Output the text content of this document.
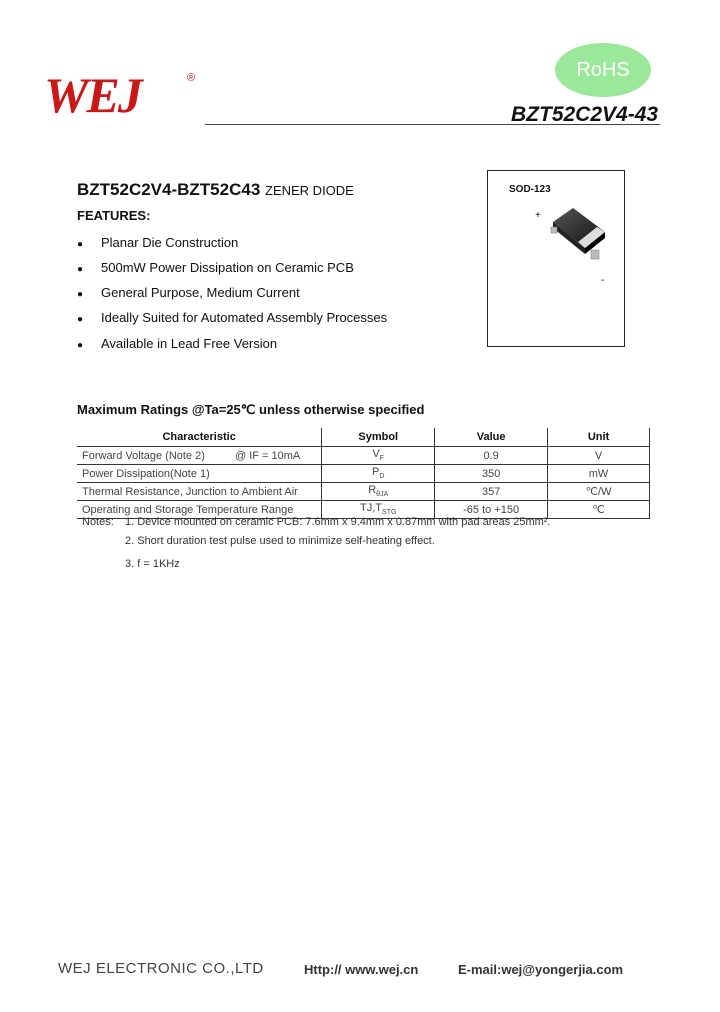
WEJ	®	RoHS
BZT52C2V4-43
BZT52C2V4-BZT52C43 ZENER DIODE
FEATURES:
● Planar Die Construction
● 500mW Power Dissipation on Ceramic PCB
● General Purpose, Medium Current
● Ideally Suited for Automated Assembly Processes
● Available in Lead Free Version
SOD-123
+
-
Maximum Ratings @Ta=25℃ unless otherwise specified
Characteristic	Symbol	Value	Unit
Forward Voltage (Note 2) @ IF = 10mA	$V_F$	0.9	V
Power Dissipation(Note 1)	$P_D$	350	mW
Thermal Resistance, Junction to Ambient Air	$R_{\theta JA}$	357	℃/W
Operating and Storage Temperature Range	$TJ,T_{STG}$	-65 to +150	℃
Notes: 1. Device mounted on ceramic PCB: 7.6mm x 9.4mm x 0.87mm with pad areas 25mm².
2. Short duration test pulse used to minimize self-heating effect.
3. f = 1KHz
WEJ ELECTRONIC CO.,LTD	Http:// www.wej.cn	E-mail:wej@yongerjia.com
